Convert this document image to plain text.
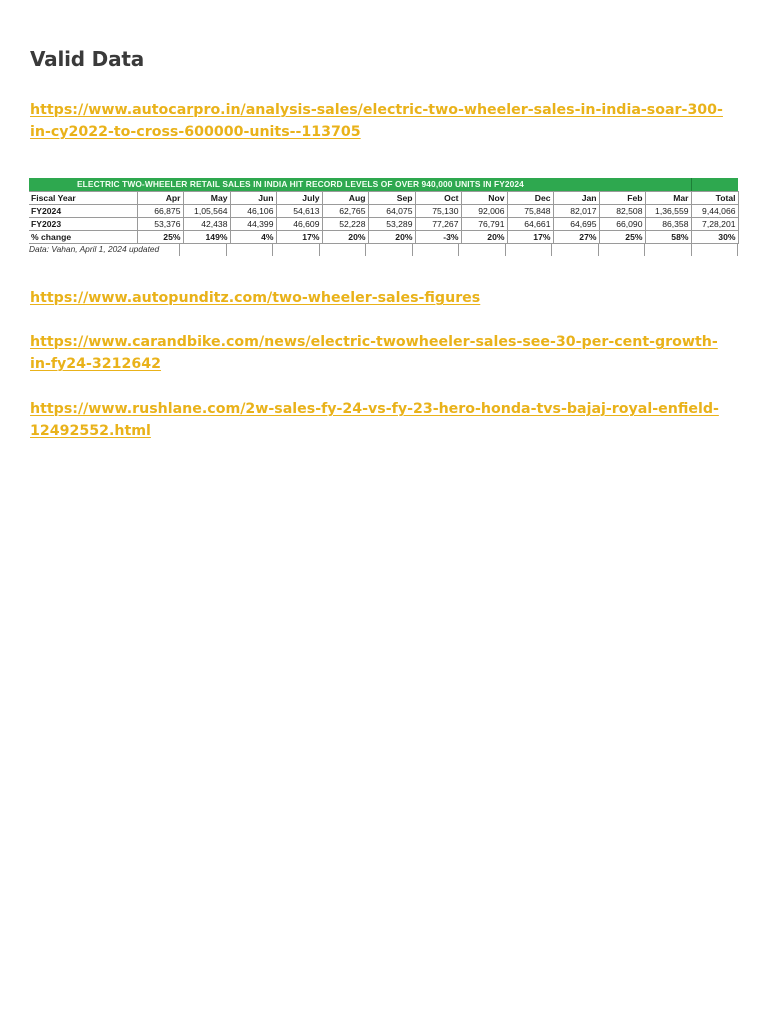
Valid Data
https://www.autocarpro.in/analysis-sales/electric-two-wheeler-sales-in-india-soar-300-in-cy2022-to-cross-600000-units--113705
ELECTRIC TWO-WHEELER RETAIL SALES IN INDIA HIT RECORD LEVELS OF OVER 940,000 UNITS IN FY2024
Fiscal Year	Apr	May	Jun	July	Aug	Sep	Oct	Nov	Dec	Jan	Feb	Mar	Total
FY2024	66,875	1,05,564	46,106	54,613	62,765	64,075	75,130	92,006	75,848	82,017	82,508	1,36,559	9,44,066
FY2023	53,376	42,438	44,399	46,609	52,228	53,289	77,267	76,791	64,661	64,695	66,090	86,358	7,28,201
% change	25%	149%	4%	17%	20%	20%	-3%	20%	17%	27%	25%	58%	30%
Data: Vahan, April 1, 2024 updated
https://www.autopunditz.com/two-wheeler-sales-figures
https://www.carandbike.com/news/electric-twowheeler-sales-see-30-per-cent-growth-in-fy24-3212642
https://www.rushlane.com/2w-sales-fy-24-vs-fy-23-hero-honda-tvs-bajaj-royal-enfield-12492552.html
